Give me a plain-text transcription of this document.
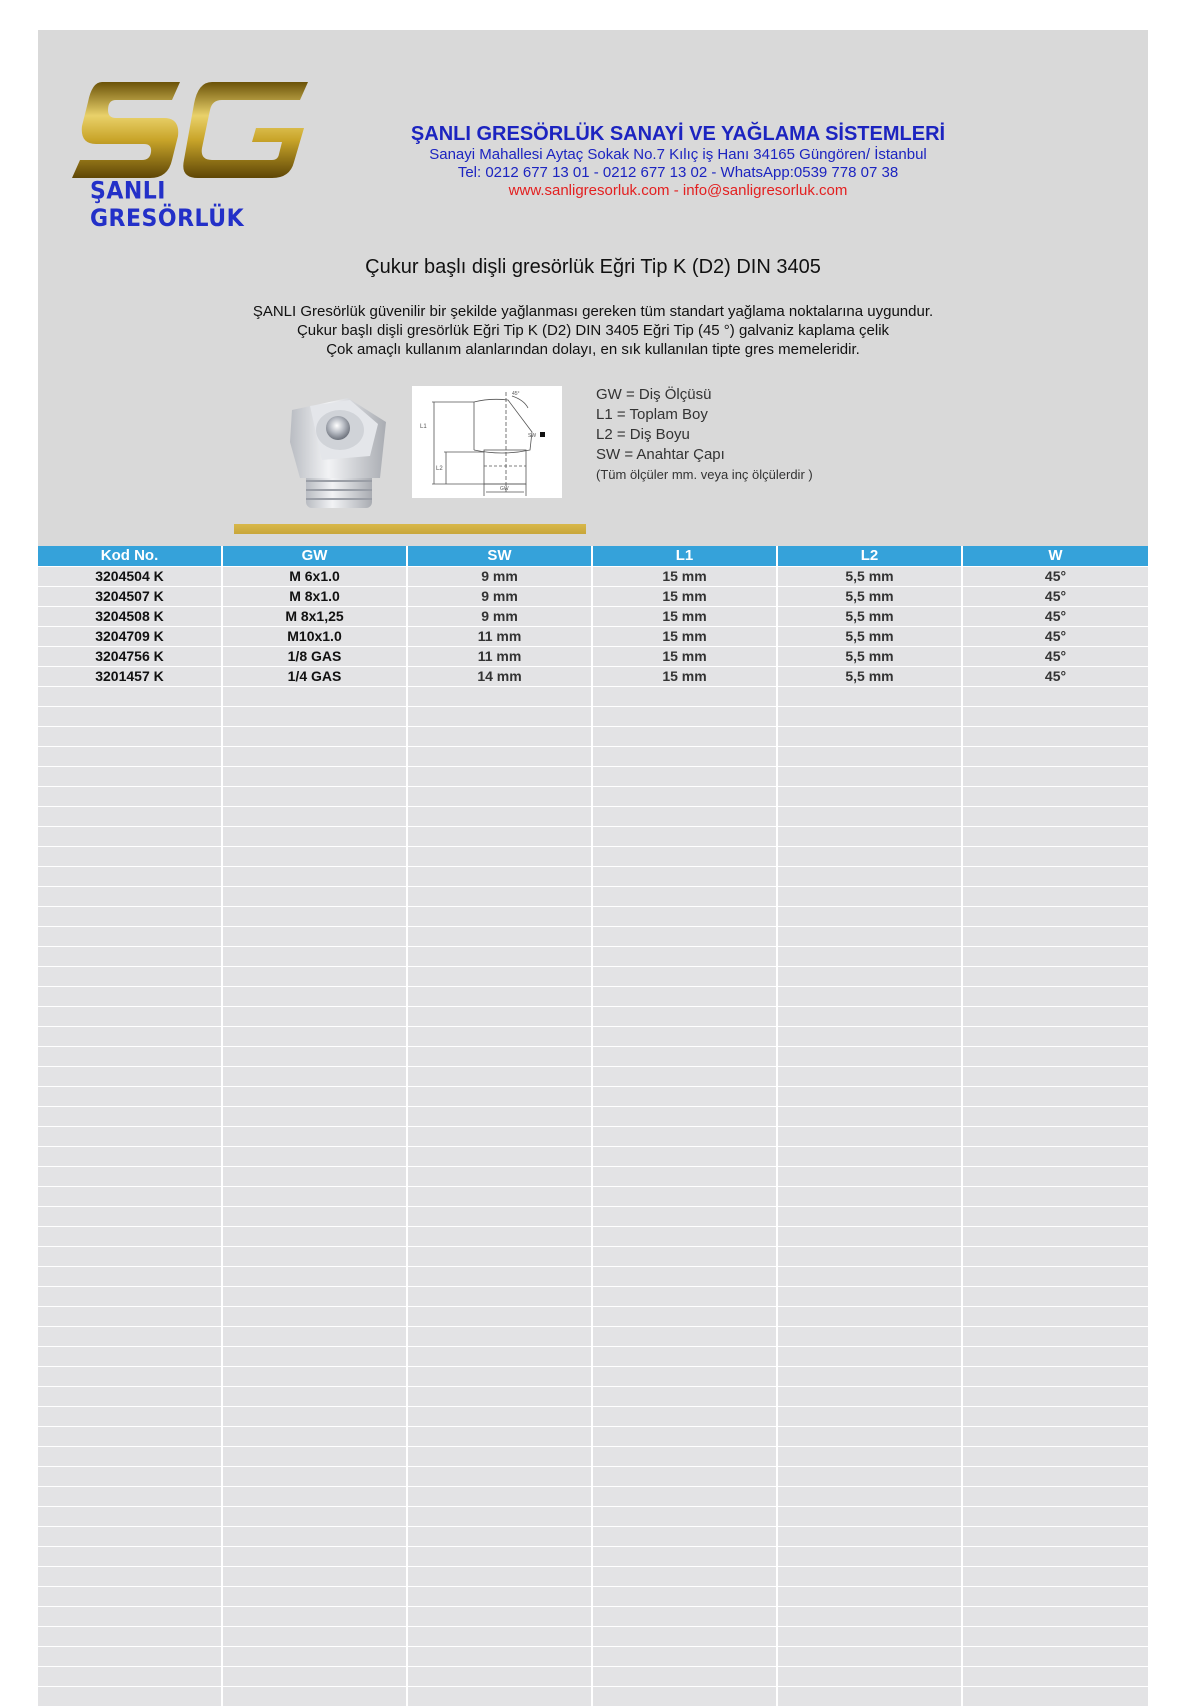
ŞANLI GRESÖRLÜK
ŞANLI GRESÖRLÜK SANAYİ VE YAĞLAMA SİSTEMLERİ
Sanayi Mahallesi Aytaç Sokak No.7 Kılıç iş Hanı 34165 Güngören/ İstanbul
Tel: 0212 677 13 01 - 0212 677 13 02 - WhatsApp:0539 778 07 38
www.sanligresorluk.com - info@sanligresorluk.com
Çukur başlı dişli gresörlük Eğri Tip K (D2) DIN 3405
ŞANLI Gresörlük güvenilir bir şekilde yağlanması gereken tüm standart yağlama noktalarına uygundur.
Çukur başlı dişli gresörlük Eğri Tip K (D2) DIN 3405 Eğri Tip (45 °) galvaniz kaplama çelik
Çok amaçlı kullanım alanlarından dolayı, en sık kullanılan tipte gres memeleridir.
L1
L2
SW
GW
45°	GW = Diş Ölçüsü
L1 = Toplam Boy
L2 = Diş Boyu
SW = Anahtar Çapı
(Tüm ölçüler mm. veya inç ölçülerdir )
Kod No.	GW	SW	L1	L2	W
3204504 K	M 6x1.0	9 mm	15 mm	5,5 mm	45°
3204507 K	M 8x1.0	9 mm	15 mm	5,5 mm	45°
3204508 K	M 8x1,25	9 mm	15 mm	5,5 mm	45°
3204709 K	M10x1.0	11 mm	15 mm	5,5 mm	45°
3204756 K	1/8 GAS	11 mm	15 mm	5,5 mm	45°
3201457 K	1/4 GAS	14 mm	15 mm	5,5 mm	45°
